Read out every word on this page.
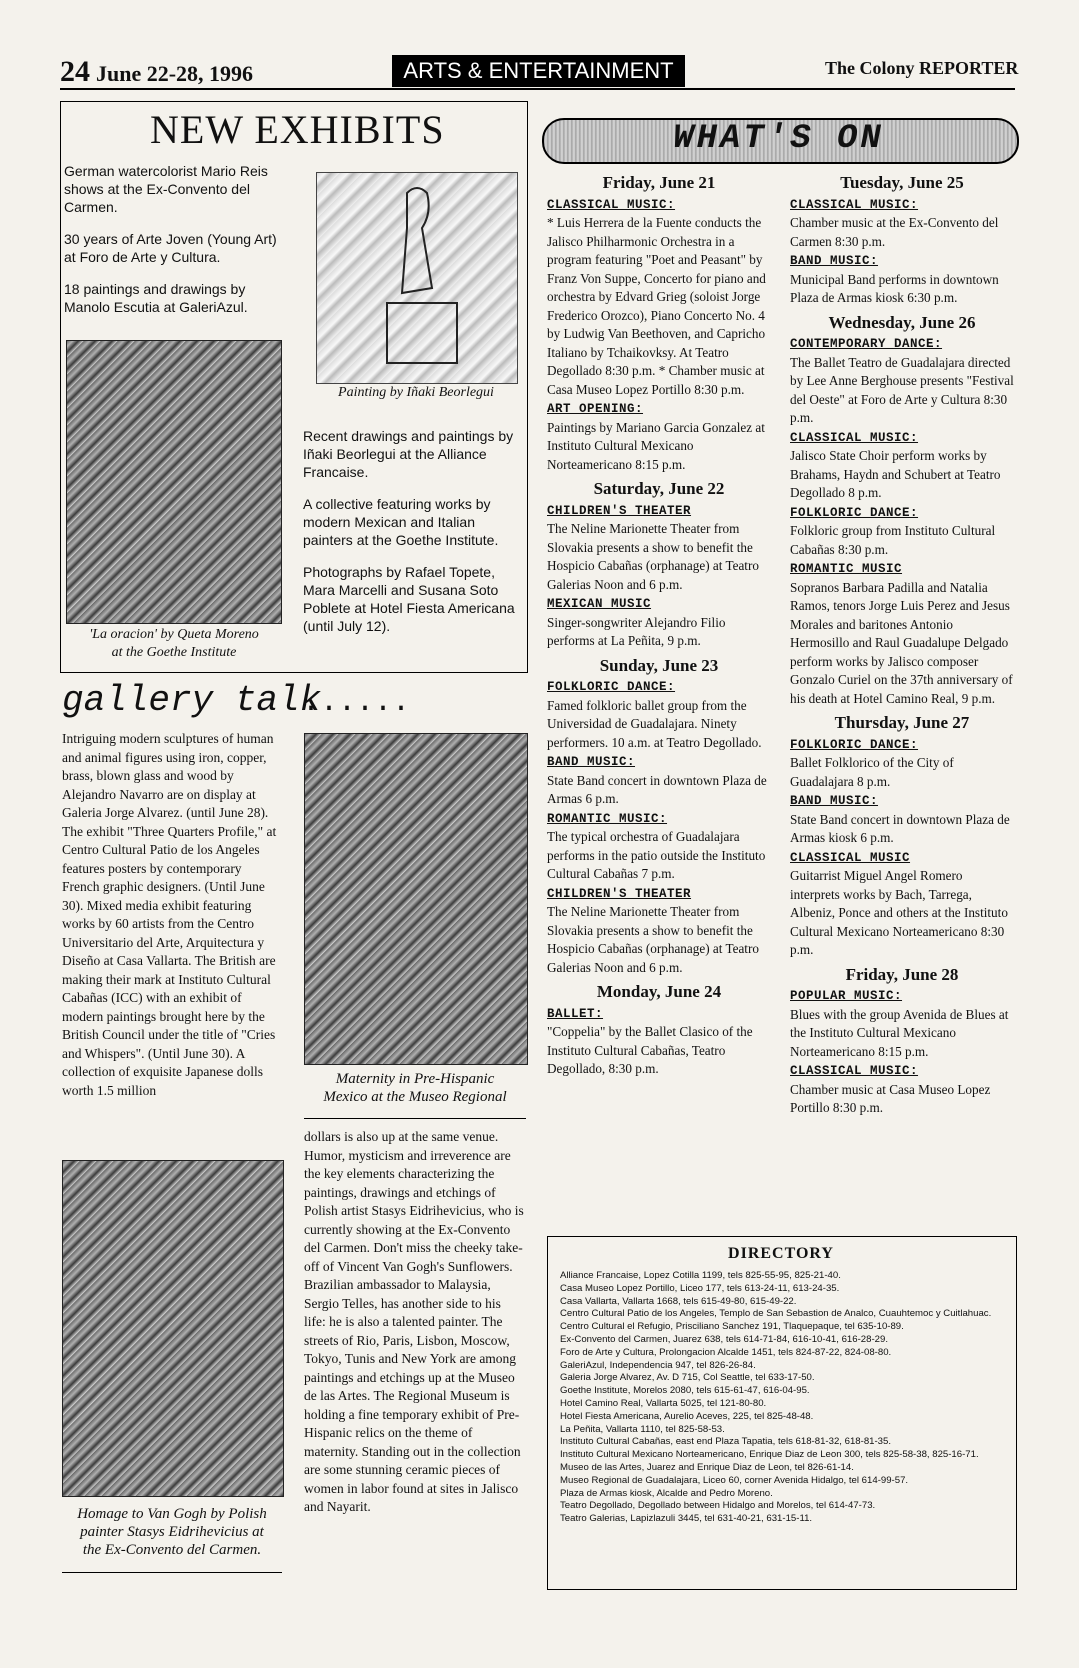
24 June 22-28, 1996	ARTS & ENTERTAINMENT	The Colony REPORTER
NEW EXHIBITS

German watercolorist Mario Reis shows at the Ex-Convento del Carmen.

30 years of Arte Joven (Young Art) at Foro de Arte y Cultura.

18 paintings and drawings by Manolo Escutia at GaleriAzul.

'La oracion' by Queta Moreno
at the Goethe Institute
Painting by Iñaki Beorlegui

Recent drawings and paintings by Iñaki Beorlegui at the Alliance Francaise.

A collective featuring works by modern Mexican and Italian painters at the Goethe Institute.

Photographs by Rafael Topete, Mara Marcelli and Susana Soto Poblete at Hotel Fiesta Americana (until July 12).

gallery talk
......
Intriguing modern sculptures of human and animal figures using iron, copper, brass, blown glass and wood by Alejandro Navarro are on display at Galeria Jorge Alvarez. (until June 28). The exhibit "Three Quarters Profile," at Centro Cultural Patio de los Angeles features posters by contemporary French graphic designers. (Until June 30). Mixed media exhibit featuring works by 60 artists from the Centro Universitario del Arte, Arquitectura y Diseño at Casa Vallarta. The British are making their mark at Instituto Cultural Cabañas (ICC) with an exhibit of modern paintings brought here by the British Council under the title of "Cries and Whispers". (Until June 30). A collection of exquisite Japanese dolls worth 1.5 million
Maternity in Pre-Hispanic
Mexico at the Museo Regional
dollars is also up at the same venue. Humor, mysticism and irreverence are the key elements characterizing the paintings, drawings and etchings of Polish artist Stasys Eidrihevicius, who is currently showing at the Ex-Convento del Carmen. Don't miss the cheeky take-off of Vincent Van Gogh's Sunflowers. Brazilian ambassador to Malaysia, Sergio Telles, has another side to his life: he is also a talented painter. The streets of Rio, Paris, Lisbon, Moscow, Tokyo, Tunis and New York are among paintings and etchings up at the Museo de las Artes. The Regional Museum is holding a fine temporary exhibit of Pre-Hispanic relics on the theme of maternity. Standing out in the collection are some stunning ceramic pieces of women in labor found at sites in Jalisco and Nayarit.
Homage to Van Gogh by Polish
painter Stasys Eidrihevicius at
the Ex-Convento del Carmen.
WHAT'S ON
Friday, June 21

CLASSICAL MUSIC:

* Luis Herrera de la Fuente conducts the Jalisco Philharmonic Orchestra in a program featuring "Poet and Peasant" by Franz Von Suppe, Concerto for piano and orchestra by Edvard Grieg (soloist Jorge Frederico Orozco), Piano Concerto No. 4 by Ludwig Van Beethoven, and Capricho Italiano by Tchaikovksy. At Teatro Degollado 8:30 p.m. * Chamber music at Casa Museo Lopez Portillo 8:30 p.m.

ART OPENING:

Paintings by Mariano Garcia Gonzalez at Instituto Cultural Mexicano Norteamericano 8:15 p.m.

Saturday, June 22

CHILDREN'S THEATER

The Neline Marionette Theater from Slovakia presents a show to benefit the Hospicio Cabañas (orphanage) at Teatro Galerias Noon and 6 p.m.

MEXICAN MUSIC

Singer-songwriter Alejandro Filio performs at La Peñita, 9 p.m.

Sunday, June 23

FOLKLORIC DANCE:

Famed folkloric ballet group from the Universidad de Guadalajara. Ninety performers. 10 a.m. at Teatro Degollado.

BAND MUSIC:

State Band concert in downtown Plaza de Armas 6 p.m.

ROMANTIC MUSIC:

The typical orchestra of Guadalajara performs in the patio outside the Instituto Cultural Cabañas 7 p.m.

CHILDREN'S THEATER

The Neline Marionette Theater from Slovakia presents a show to benefit the Hospicio Cabañas (orphanage) at Teatro Galerias Noon and 6 p.m.

Monday, June 24

BALLET:

"Coppelia" by the Ballet Clasico of the Instituto Cultural Cabañas, Teatro Degollado, 8:30 p.m.

Tuesday, June 25

CLASSICAL MUSIC:

Chamber music at the Ex-Convento del Carmen 8:30 p.m.

BAND MUSIC:

Municipal Band performs in downtown Plaza de Armas kiosk 6:30 p.m.

Wednesday, June 26

CONTEMPORARY DANCE:

The Ballet Teatro de Guadalajara directed by Lee Anne Berghouse presents "Festival del Oeste" at Foro de Arte y Cultura 8:30 p.m.

CLASSICAL MUSIC:

Jalisco State Choir perform works by Brahams, Haydn and Schubert at Teatro Degollado 8 p.m.

FOLKLORIC DANCE:

Folkloric group from Instituto Cultural Cabañas 8:30 p.m.

ROMANTIC MUSIC

Sopranos Barbara Padilla and Natalia Ramos, tenors Jorge Luis Perez and Jesus Morales and baritones Antonio Hermosillo and Raul Guadalupe Delgado perform works by Jalisco composer Gonzalo Curiel on the 37th anniversary of his death at Hotel Camino Real, 9 p.m.

Thursday, June 27

FOLKLORIC DANCE:

Ballet Folklorico of the City of Guadalajara 8 p.m.

BAND MUSIC:

State Band concert in downtown Plaza de Armas kiosk 6 p.m.

CLASSICAL MUSIC

Guitarrist Miguel Angel Romero interprets works by Bach, Tarrega, Albeniz, Ponce and others at the Instituto Cultural Mexicano Norteamericano 8:30 p.m.

Friday, June 28

POPULAR MUSIC:

Blues with the group Avenida de Blues at the Instituto Cultural Mexicano Norteamericano 8:15 p.m.

CLASSICAL MUSIC:

Chamber music at Casa Museo Lopez Portillo 8:30 p.m.

DIRECTORY
Alliance Francaise, Lopez Cotilla 1199, tels 825-55-95, 825-21-40.
Casa Museo Lopez Portillo, Liceo 177, tels 613-24-11, 613-24-35.
Casa Vallarta, Vallarta 1668, tels 615-49-80, 615-49-22.
Centro Cultural Patio de los Angeles, Templo de San Sebastion de Analco, Cuauhtemoc y Cuitlahuac.
Centro Cultural el Refugio, Prisciliano Sanchez 191, Tlaquepaque, tel 635-10-89.
Ex-Convento del Carmen, Juarez 638, tels 614-71-84, 616-10-41, 616-28-29.
Foro de Arte y Cultura, Prolongacion Alcalde 1451, tels 824-87-22, 824-08-80.
GaleriAzul, Independencia 947, tel 826-26-84.
Galeria Jorge Alvarez, Av. D 715, Col Seattle, tel 633-17-50.
Goethe Institute, Morelos 2080, tels 615-61-47, 616-04-95.
Hotel Camino Real, Vallarta 5025, tel 121-80-80.
Hotel Fiesta Americana, Aurelio Aceves, 225, tel 825-48-48.
La Peñita, Vallarta 1110, tel 825-58-53.
Instituto Cultural Cabañas, east end Plaza Tapatia, tels 618-81-32, 618-81-35.
Instituto Cultural Mexicano Norteamericano, Enrique Diaz de Leon 300, tels 825-58-38, 825-16-71.
Museo de las Artes, Juarez and Enrique Diaz de Leon, tel 826-61-14.
Museo Regional de Guadalajara, Liceo 60, corner Avenida Hidalgo, tel 614-99-57.
Plaza de Armas kiosk, Alcalde and Pedro Moreno.
Teatro Degollado, Degollado between Hidalgo and Morelos, tel 614-47-73.
Teatro Galerias, Lapizlazuli 3445, tel 631-40-21, 631-15-11.
